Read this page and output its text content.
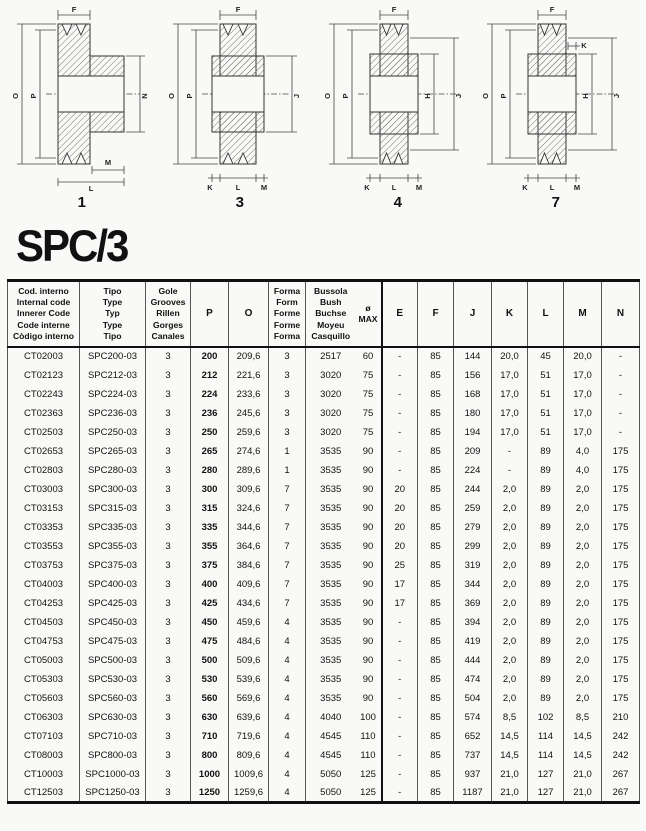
F
O P	N
M
L
1
F
O P	J
K	L	M
3
F
O P	H	J
K	L	M
4
F
O P
K
H	J
K	L	M
7
SPC/3
Cod. interno
Internal code
Innerer Code
Code interne
Còdigo interno

Tipo
Type
Typ
Type
Tipo

Gole
Grooves
Rillen
Gorges
Canales
	P	O	
Forma
Form
Forme
Forme
Forma

Bussola
Bush
Buchse
Moyeu
Casquillo

ø
MAX	E	F	J	K	L	M	N
CT02003	SPC200-03	3	200	209,6	3	2517	60	-	85	144	20,0	45	20,0	-
CT02123	SPC212-03	3	212	221,6	3	3020	75	-	85	156	17,0	51	17,0	-
CT02243	SPC224-03	3	224	233,6	3	3020	75	-	85	168	17,0	51	17,0	-
CT02363	SPC236-03	3	236	245,6	3	3020	75	-	85	180	17,0	51	17,0	-
CT02503	SPC250-03	3	250	259,6	3	3020	75	-	85	194	17,0	51	17,0	-
CT02653	SPC265-03	3	265	274,6	1	3535	90	-	85	209	-	89	4,0	175
CT02803	SPC280-03	3	280	289,6	1	3535	90	-	85	224	-	89	4,0	175
CT03003	SPC300-03	3	300	309,6	7	3535	90	20	85	244	2,0	89	2,0	175
CT03153	SPC315-03	3	315	324,6	7	3535	90	20	85	259	2,0	89	2,0	175
CT03353	SPC335-03	3	335	344,6	7	3535	90	20	85	279	2,0	89	2,0	175
CT03553	SPC355-03	3	355	364,6	7	3535	90	20	85	299	2,0	89	2,0	175
CT03753	SPC375-03	3	375	384,6	7	3535	90	25	85	319	2,0	89	2,0	175
CT04003	SPC400-03	3	400	409,6	7	3535	90	17	85	344	2,0	89	2,0	175
CT04253	SPC425-03	3	425	434,6	7	3535	90	17	85	369	2,0	89	2,0	175
CT04503	SPC450-03	3	450	459,6	4	3535	90	-	85	394	2,0	89	2,0	175
CT04753	SPC475-03	3	475	484,6	4	3535	90	-	85	419	2,0	89	2,0	175
CT05003	SPC500-03	3	500	509,6	4	3535	90	-	85	444	2,0	89	2,0	175
CT05303	SPC530-03	3	530	539,6	4	3535	90	-	85	474	2,0	89	2,0	175
CT05603	SPC560-03	3	560	569,6	4	3535	90	-	85	504	2,0	89	2,0	175
CT06303	SPC630-03	3	630	639,6	4	4040	100	-	85	574	8,5	102	8,5	210
CT07103	SPC710-03	3	710	719,6	4	4545	110	-	85	652	14,5	114	14,5	242
CT08003	SPC800-03	3	800	809,6	4	4545	110	-	85	737	14,5	114	14,5	242
CT10003	SPC1000-03	3	1000	1009,6	4	5050	125	-	85	937	21,0	127	21,0	267
CT12503	SPC1250-03	3	1250	1259,6	4	5050	125	-	85	1187	21,0	127	21,0	267
